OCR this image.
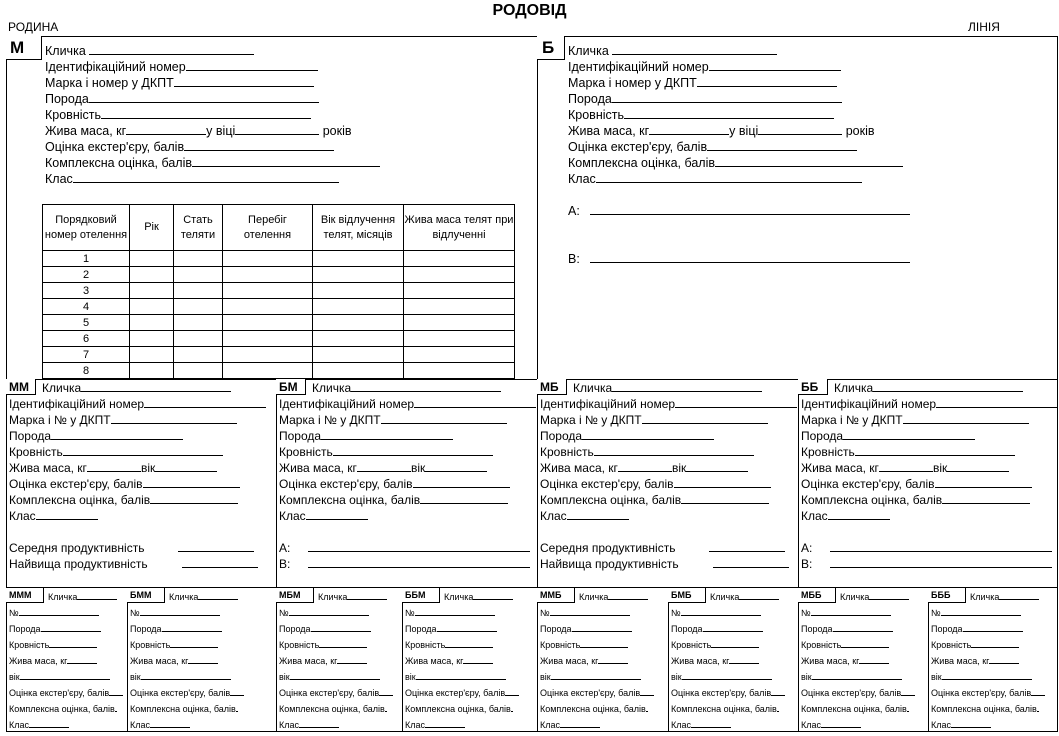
РОДОВІД
РОДИНА	ЛІНІЯ
М	Кличка
Ідентифікаційний номер
Марка і номер у ДКПТ
Порода
Кровність
Жива маса, кг	у віці	років
Оцінка екстер'єру, балів
Комплексна оцінка, балів
Клас
Порядковий номер отелення	Рік	Стать теляти	Перебіг отелення	Вік відлучення телят, місяців	Жива маса телят при відлученні
1					
2					
3					
4					
5					
6					
7					
8					
Б	Кличка
Ідентифікаційний номер
Марка і номер у ДКПТ
Порода
Кровність
Жива маса, кг	у віці	років
Оцінка екстер'єру, балів
Комплексна оцінка, балів
Клас
А:
В:
ММ	Кличка
Ідентифікаційний номер
Марка і № у ДКПТ
Порода
Кровність
Жива маса, кг	вік
Оцінка екстер'єру, балів
Комплексна оцінка, балів
Клас
Середня продуктивність
Найвища продуктивність
БМ	Кличка
Ідентифікаційний номер
Марка і № у ДКПТ
Порода
Кровність
Жива маса, кг	вік
Оцінка екстер'єру, балів
Комплексна оцінка, балів
Клас
А:
В:
МБ	Кличка
Ідентифікаційний номер
Марка і № у ДКПТ
Порода
Кровність
Жива маса, кг	вік
Оцінка екстер'єру, балів
Комплексна оцінка, балів
Клас
Середня продуктивність
Найвища продуктивність
ББ	Кличка
Ідентифікаційний номер
Марка і № у ДКПТ
Порода
Кровність
Жива маса, кг	вік
Оцінка екстер'єру, балів
Комплексна оцінка, балів
Клас
А:
В:
МММ	Кличка
№
Порода
Кровність
Жива маса, кг
вік
Оцінка екстер'єру, балів
Комплексна оцінка, балів
Клас
БММ	Кличка
№
Порода
Кровність
Жива маса, кг
вік
Оцінка екстер'єру, балів
Комплексна оцінка, балів
Клас
МБМ	Кличка
№
Порода
Кровність
Жива маса, кг
вік
Оцінка екстер'єру, балів
Комплексна оцінка, балів
Клас
ББМ	Кличка
№
Порода
Кровність
Жива маса, кг
вік
Оцінка екстер'єру, балів
Комплексна оцінка, балів
Клас
ММБ	Кличка
№
Порода
Кровність
Жива маса, кг
вік
Оцінка екстер'єру, балів
Комплексна оцінка, балів
Клас
БМБ	Кличка
№
Порода
Кровність
Жива маса, кг
вік
Оцінка екстер'єру, балів
Комплексна оцінка, балів
Клас
МББ	Кличка
№
Порода
Кровність
Жива маса, кг
вік
Оцінка екстер'єру, балів
Комплексна оцінка, балів
Клас
БББ	Кличка
№
Порода
Кровність
Жива маса, кг
вік
Оцінка екстер'єру, балів
Комплексна оцінка, балів
Клас
